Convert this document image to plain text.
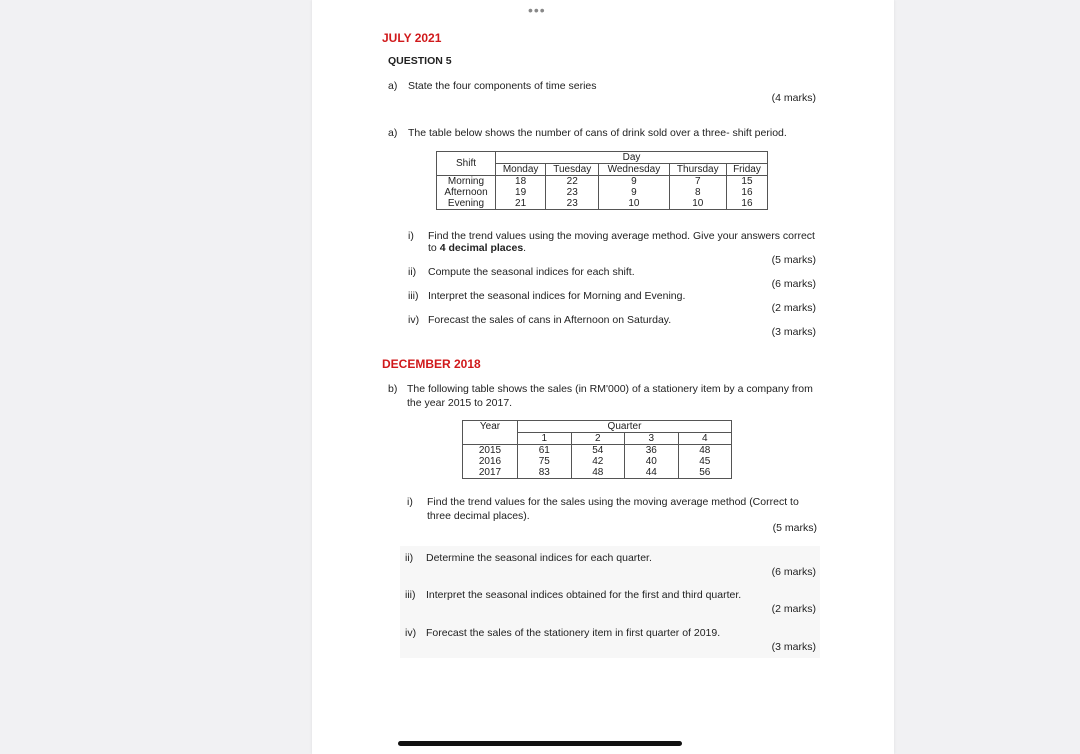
•••
JULY 2021
QUESTION 5
a) State the four components of time series
(4 marks)
a) The table below shows the number of cans of drink sold over a three- shift period.
Shift	Day				
	Monday	Tuesday	Wednesday	Thursday	Friday
Morning	18	22	9	7	15
Afternoon	19	23	9	8	16
Evening	21	23	10	10	16
i) Find the trend values using the moving average method. Give your answers correct
to 4 decimal places.
(5 marks)
ii) Compute the seasonal indices for each shift.
(6 marks)
iii) Interpret the seasonal indices for Morning and Evening.
(2 marks)
iv) Forecast the sales of cans in Afternoon on Saturday.
(3 marks)
DECEMBER 2018
b) The following table shows the sales (in RM'000) of a stationery item by a company from
the year 2015 to 2017.
Year	Quarter			
	1	2	3	4
2015	61	54	36	48
2016	75	42	40	45
2017	83	48	44	56
i) Find the trend values for the sales using the moving average method (Correct to
three decimal places).
(5 marks)
ii) Determine the seasonal indices for each quarter.
(6 marks)
iii) Interpret the seasonal indices obtained for the first and third quarter.
(2 marks)
iv) Forecast the sales of the stationery item in first quarter of 2019.
(3 marks)
